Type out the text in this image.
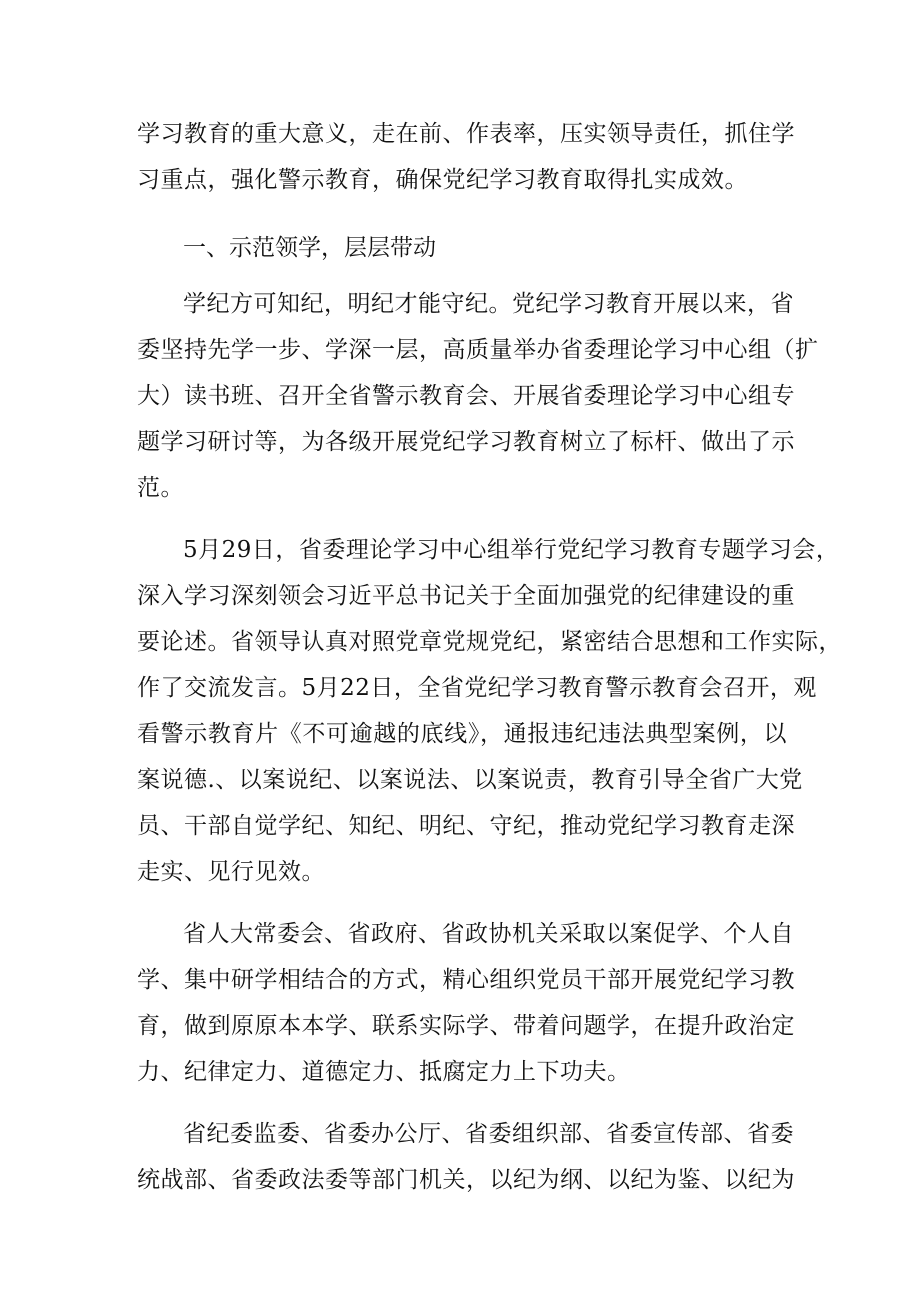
学习教育的重大意义，走在前、作表率，压实领导责任，抓住学
习重点，强化警示教育，确保党纪学习教育取得扎实成效。
一、示范领学，层层带动
学纪方可知纪，明纪才能守纪。党纪学习教育开展以来，省
委坚持先学一步、学深一层，高质量举办省委理论学习中心组（扩
大）读书班、召开全省警示教育会、开展省委理论学习中心组专
题学习研讨等，为各级开展党纪学习教育树立了标杆、做出了示
范。
5月29日，省委理论学习中心组举行党纪学习教育专题学习会，
深入学习深刻领会习近平总书记关于全面加强党的纪律建设的重
要论述。省领导认真对照党章党规党纪，紧密结合思想和工作实际，
作了交流发言。5月22日，全省党纪学习教育警示教育会召开，观
看警示教育片《不可逾越的底线》，通报违纪违法典型案例，以
案说德.、以案说纪、以案说法、以案说责，教育引导全省广大党
员、干部自觉学纪、知纪、明纪、守纪，推动党纪学习教育走深
走实、见行见效。
省人大常委会、省政府、省政协机关采取以案促学、个人自
学、集中研学相结合的方式，精心组织党员干部开展党纪学习教
育，做到原原本本学、联系实际学、带着问题学，在提升政治定
力、纪律定力、道德定力、抵腐定力上下功夫。
省纪委监委、省委办公厅、省委组织部、省委宣传部、省委
统战部、省委政法委等部门机关，以纪为纲、以纪为鉴、以纪为
